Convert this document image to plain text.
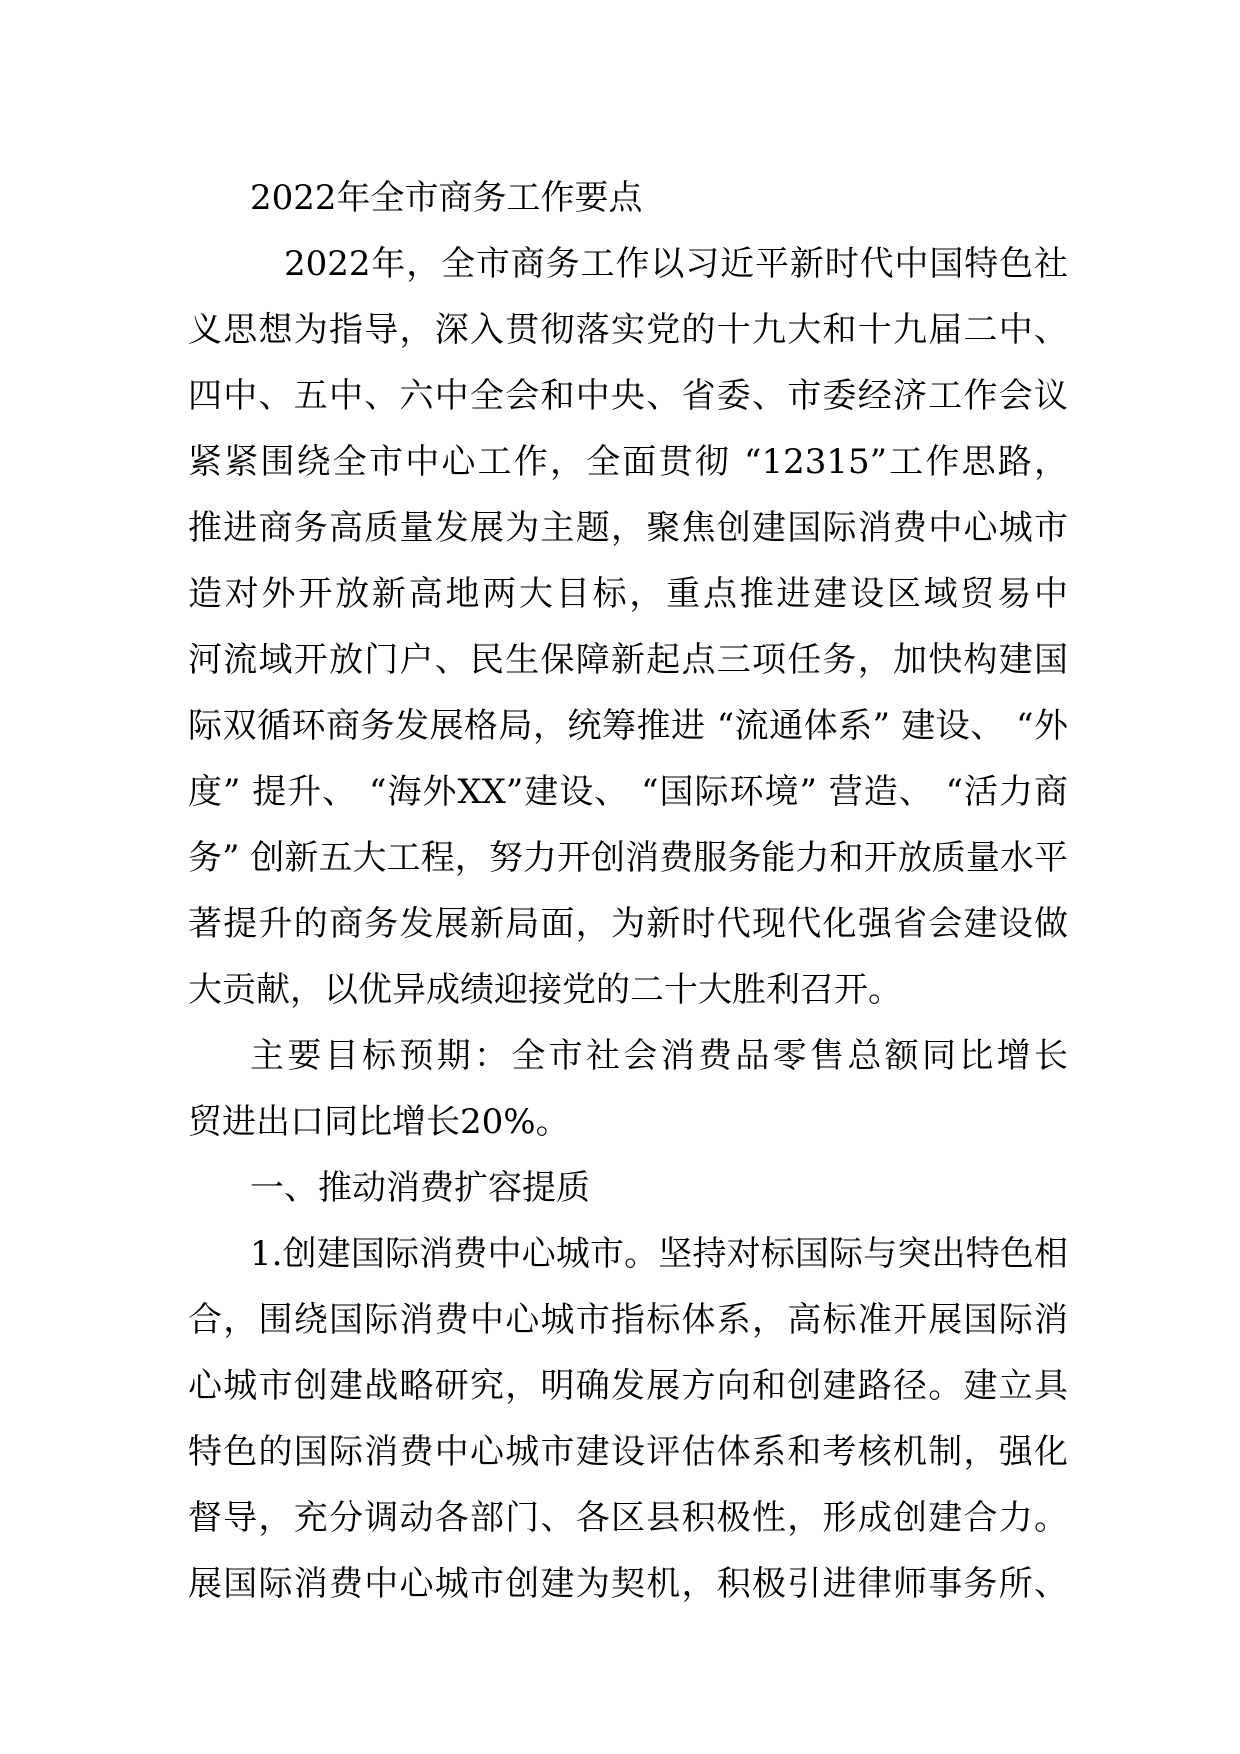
2022年全市商务工作要点
2022年，全市商务工作以习近平新时代中国特色社
义思想为指导，深入贯彻落实党的十九大和十九届二中、
四中、五中、六中全会和中央、省委、市委经济工作会议
紧紧围绕全市中心工作，全面贯彻 “12315”工作思路，
推进商务高质量发展为主题，聚焦创建国际消费中心城市
造对外开放新高地两大目标，重点推进建设区域贸易中
河流域开放门户、民生保障新起点三项任务，加快构建国
际双循环商务发展格局，统筹推进 “流通体系” 建设、 “外
度” 提升、 “海外XX”建设、 “国际环境” 营造、 “活力商
务” 创新五大工程，努力开创消费服务能力和开放质量水平
著提升的商务发展新局面，为新时代现代化强省会建设做
大贡献，以优异成绩迎接党的二十大胜利召开。
主要目标预期：全市社会消费品零售总额同比增长
贸进出口同比增长20%。
一、推动消费扩容提质
1.创建国际消费中心城市。坚持对标国际与突出特色相
合，围绕国际消费中心城市指标体系，高标准开展国际消
心城市创建战略研究，明确发展方向和创建路径。建立具
特色的国际消费中心城市建设评估体系和考核机制，强化
督导，充分调动各部门、各区县积极性，形成创建合力。
展国际消费中心城市创建为契机，积极引进律师事务所、
